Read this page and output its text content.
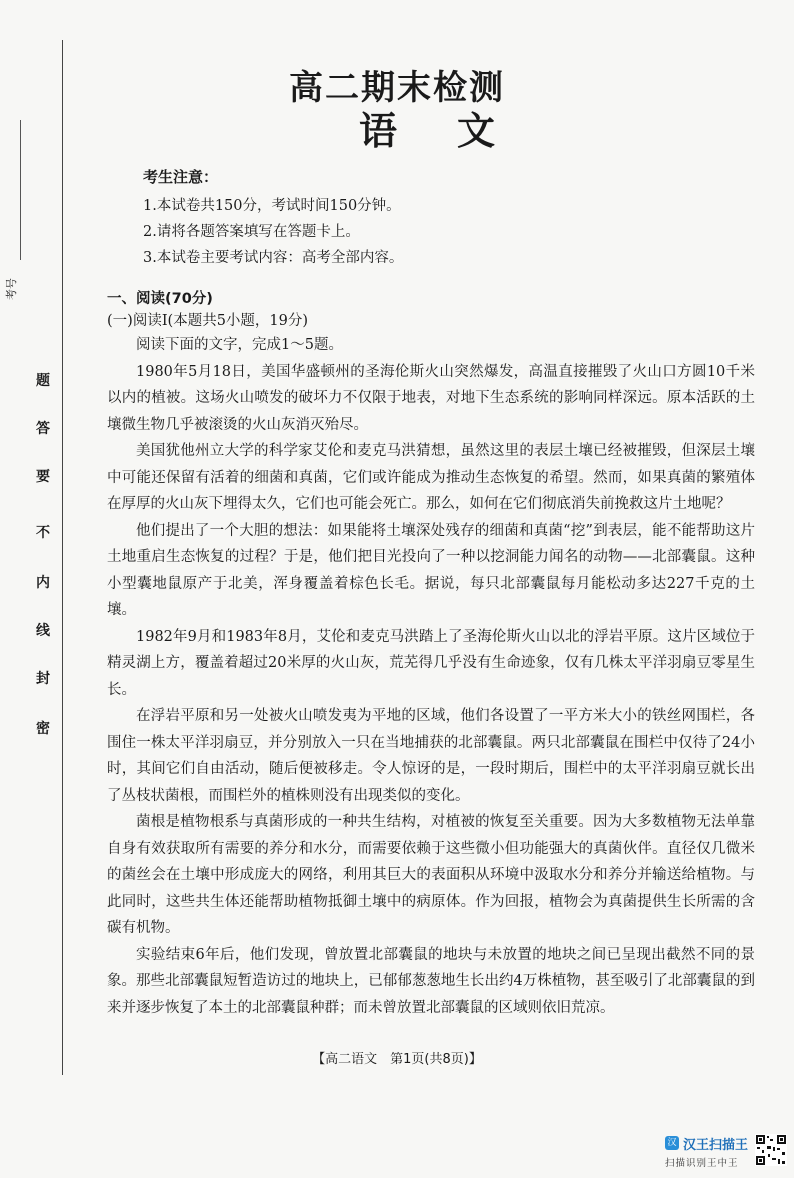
考号
题
答
要
不
内
线
封
密
高二期末检测
语文
考生注意：
1.本试卷共150分，考试时间150分钟。
2.请将各题答案填写在答题卡上。
3.本试卷主要考试内容：高考全部内容。
一、阅读(70分)
(一)阅读Ⅰ(本题共5小题，19分)

阅读下面的文字，完成1～5题。

1980年5月18日，美国华盛顿州的圣海伦斯火山突然爆发，高温直接摧毁了火山口方圆10千米以内的植被。这场火山喷发的破坏力不仅限于地表，对地下生态系统的影响同样深远。原本活跃的土壤微生物几乎被滚烫的火山灰消灭殆尽。

美国犹他州立大学的科学家艾伦和麦克马洪猜想，虽然这里的表层土壤已经被摧毁，但深层土壤中可能还保留有活着的细菌和真菌，它们或许能成为推动生态恢复的希望。然而，如果真菌的繁殖体在厚厚的火山灰下埋得太久，它们也可能会死亡。那么，如何在它们彻底消失前挽救这片土地呢？

他们提出了一个大胆的想法：如果能将土壤深处残存的细菌和真菌“挖”到表层，能不能帮助这片土地重启生态恢复的过程？于是，他们把目光投向了一种以挖洞能力闻名的动物——北部囊鼠。这种小型囊地鼠原产于北美，浑身覆盖着棕色长毛。据说，每只北部囊鼠每月能松动多达227千克的土壤。

1982年9月和1983年8月，艾伦和麦克马洪踏上了圣海伦斯火山以北的浮岩平原。这片区域位于精灵湖上方，覆盖着超过20米厚的火山灰，荒芜得几乎没有生命迹象，仅有几株太平洋羽扇豆零星生长。

在浮岩平原和另一处被火山喷发夷为平地的区域，他们各设置了一平方米大小的铁丝网围栏，各围住一株太平洋羽扇豆，并分别放入一只在当地捕获的北部囊鼠。两只北部囊鼠在围栏中仅待了24小时，其间它们自由活动，随后便被移走。令人惊讶的是，一段时期后，围栏中的太平洋羽扇豆就长出了丛枝状菌根，而围栏外的植株则没有出现类似的变化。

菌根是植物根系与真菌形成的一种共生结构，对植被的恢复至关重要。因为大多数植物无法单靠自身有效获取所有需要的养分和水分，而需要依赖于这些微小但功能强大的真菌伙伴。直径仅几微米的菌丝会在土壤中形成庞大的网络，利用其巨大的表面积从环境中汲取水分和养分并输送给植物。与此同时，这些共生体还能帮助植物抵御土壤中的病原体。作为回报，植物会为真菌提供生长所需的含碳有机物。

实验结束6年后，他们发现，曾放置北部囊鼠的地块与未放置的地块之间已呈现出截然不同的景象。那些北部囊鼠短暂造访过的地块上，已郁郁葱葱地生长出约4万株植物，甚至吸引了北部囊鼠的到来并逐步恢复了本土的北部囊鼠种群；而未曾放置北部囊鼠的区域则依旧荒凉。

【高二语文　第1页(共8页)】
汉 汉王扫描王
扫描识别王中王
